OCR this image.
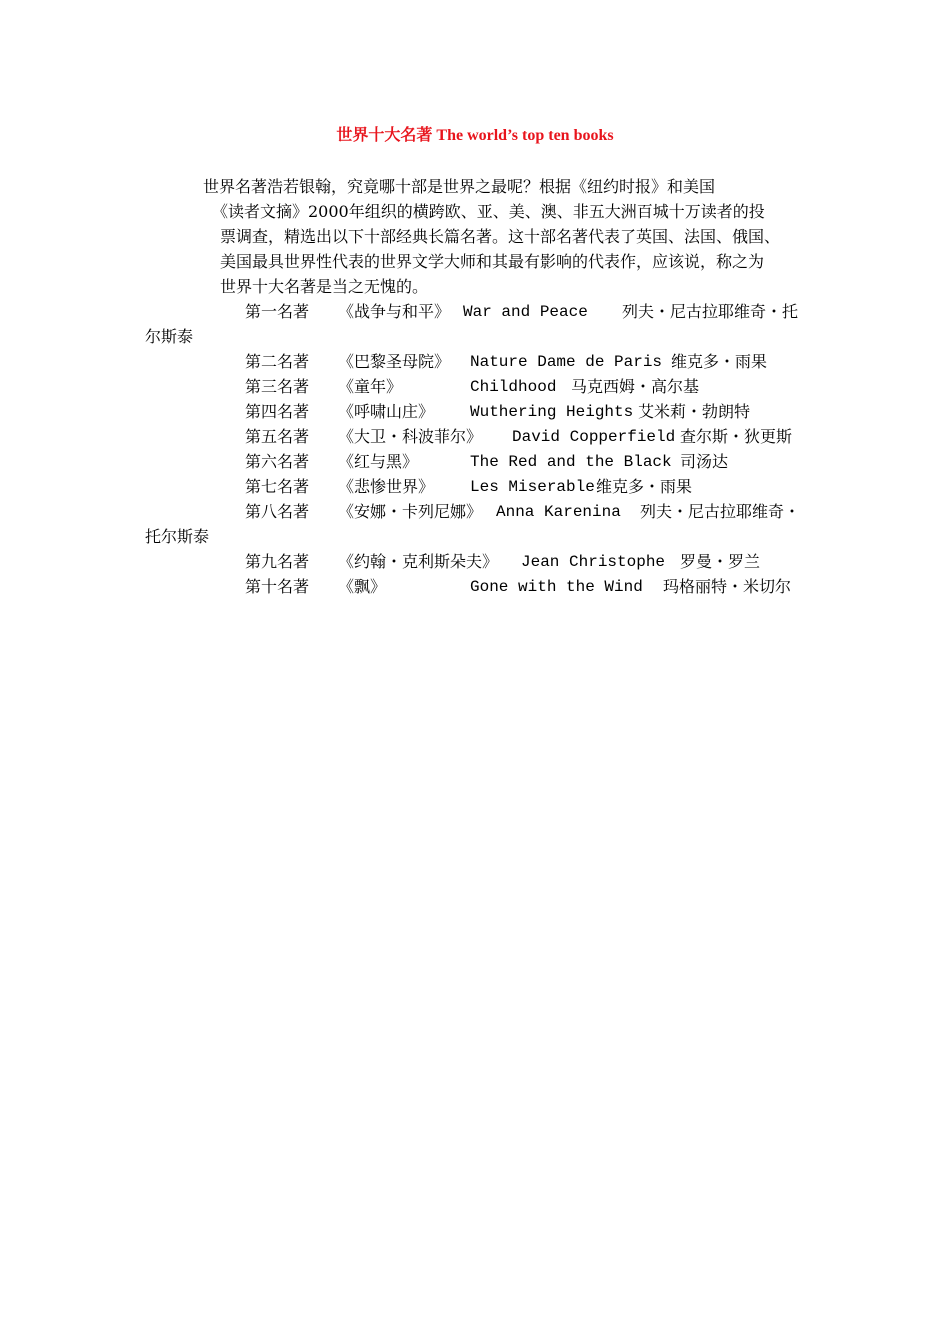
世界十大名著 The world’s top ten books
世界名著浩若银翰，究竟哪十部是世界之最呢？根据《纽约时报》和美国
《读者文摘》2000年组织的横跨欧、亚、美、澳、非五大洲百城十万读者的投
票调查，精选出以下十部经典长篇名著。这十部名著代表了英国、法国、俄国、
美国最具世界性代表的世界文学大师和其最有影响的代表作，应该说，称之为
世界十大名著是当之无愧的。
第一名著 《战争与和平》 War and Peace 列夫・尼古拉耶维奇・托
尔斯泰
第二名著 《巴黎圣母院》 Nature Dame de Paris 维克多・雨果
第三名著 《童年》	Childhood 马克西姆・高尔基
第四名著 《呼啸山庄》 Wuthering Heights 艾米莉・勃朗特
第五名著 《大卫・科波菲尔》 David Copperfield 查尔斯・狄更斯
第六名著 《红与黑》	The Red and the Black 司汤达
第七名著 《悲惨世界》 Les Miserable 维克多・雨果
第八名著 《安娜・卡列尼娜》 Anna Karenina 列夫・尼古拉耶维奇・
托尔斯泰
第九名著 《约翰・克利斯朵夫》 Jean Christophe 罗曼・罗兰
第十名著 《飘》	Gone with the Wind 玛格丽特・米切尔
